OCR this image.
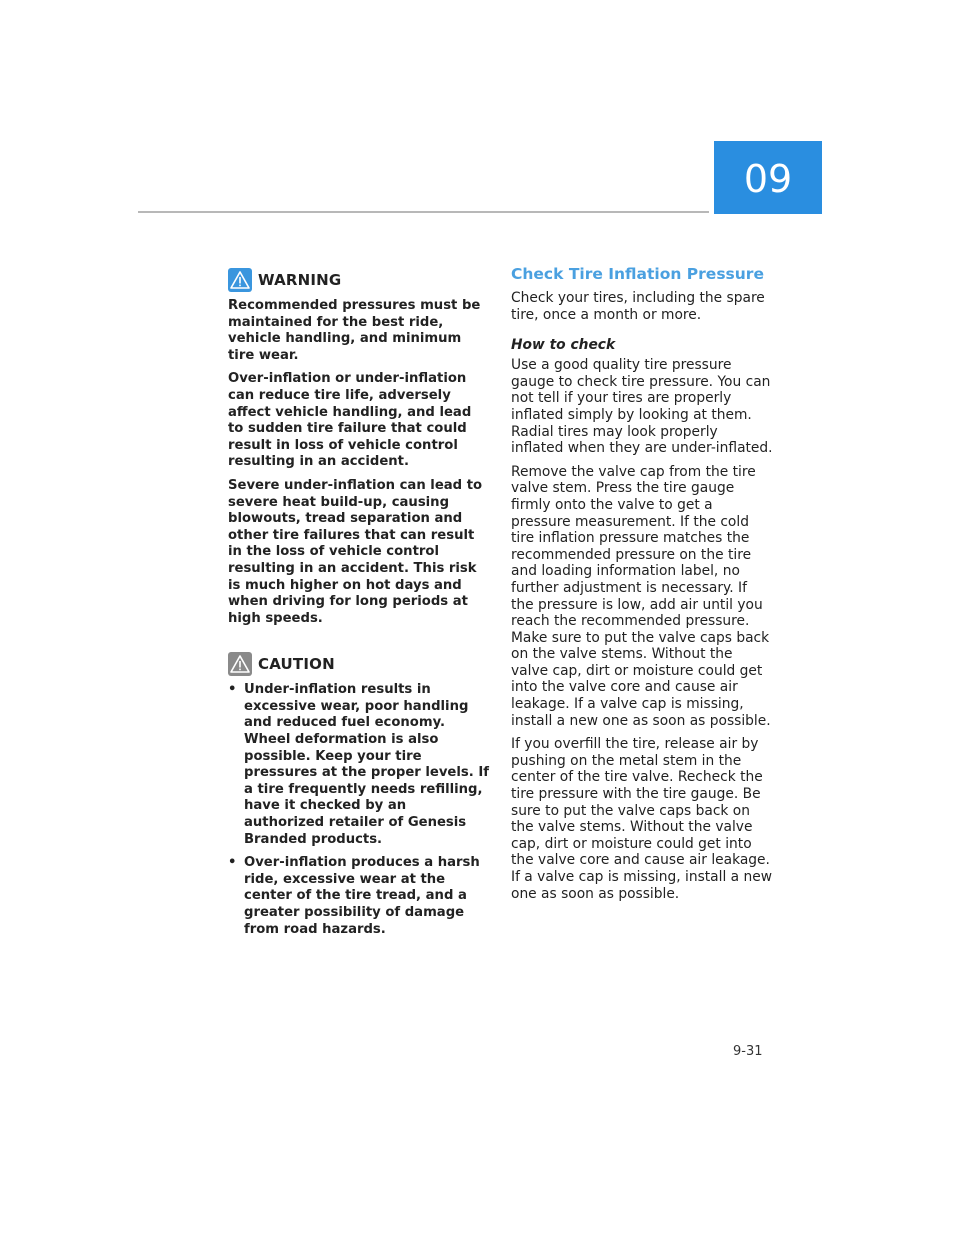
09
WARNING

Recommended pressures must be maintained for the best ride, vehicle handling, and minimum tire wear.

Over-inflation or under-inflation can reduce tire life, adversely affect vehicle handling, and lead to sudden tire failure that could result in loss of vehicle control resulting in an accident.

Severe under-inflation can lead to severe heat build-up, causing blowouts, tread separation and other tire failures that can result in the loss of vehicle control resulting in an accident. This risk is much higher on hot days and when driving for long periods at high speeds.

CAUTION
• Under-inflation results in excessive wear, poor handling and reduced fuel economy. Wheel deformation is also possible. Keep your tire pressures at the proper levels. If a tire frequently needs refilling, have it checked by an authorized retailer of Genesis Branded products.
• Over-inflation produces a harsh ride, excessive wear at the center of the tire tread, and a greater possibility of damage from road hazards.
Check Tire Inflation Pressure

Check your tires, including the spare tire, once a month or more.

How to check

Use a good quality tire pressure gauge to check tire pressure. You can not tell if your tires are properly inflated simply by looking at them. Radial tires may look properly inflated when they are under-inflated.

Remove the valve cap from the tire valve stem. Press the tire gauge firmly onto the valve to get a pressure measurement. If the cold tire inflation pressure matches the recommended pressure on the tire and loading information label, no further adjustment is necessary. If the pressure is low, add air until you reach the recommended pressure. Make sure to put the valve caps back on the valve stems. Without the valve cap, dirt or moisture could get into the valve core and cause air leakage. If a valve cap is missing, install a new one as soon as possible.

If you overfill the tire, release air by pushing on the metal stem in the center of the tire valve. Recheck the tire pressure with the tire gauge. Be sure to put the valve caps back on the valve stems. Without the valve cap, dirt or moisture could get into the valve core and cause air leakage. If a valve cap is missing, install a new one as soon as possible.

9-31
